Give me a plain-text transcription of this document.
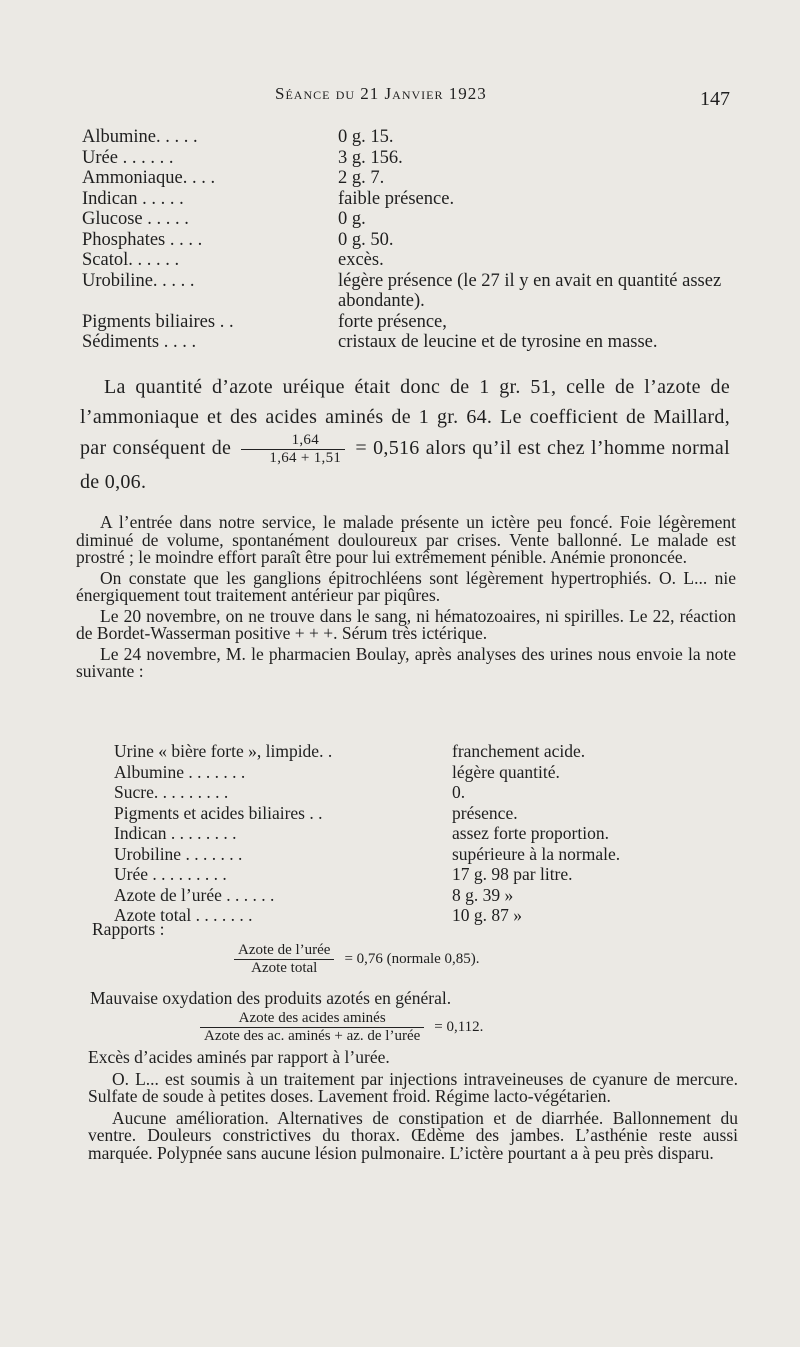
Séance du 21 Janvier 1923	147
Albumine. . . . .	0 g. 15.
Urée . . . . . .	3 g. 156.
Ammoniaque. . . .	2 g. 7.
Indican . . . . .	faible présence.
Glucose . . . . .	0 g.
Phosphates . . . .	0 g. 50.
Scatol. . . . . .	excès.
Urobiline. . . . .	légère présence (le 27 il y en avait en quantité assez abondante).
Pigments biliaires . .	forte présence,
Sédiments . . . .	cristaux de leucine et de tyrosine en masse.

La quantité d’azote uréique était donc de 1 gr. 51, celle de l’azote de l’ammoniaque et des acides aminés de 1 gr. 64. Le coefficient de Maillard, par conséquent de $\frac{1,64}{1,64 + 1,51} = 0,516$ alors qu’il est chez l’homme normal de 0,06.

A l’entrée dans notre service, le malade présente un ictère peu foncé. Foie légèrement diminué de volume, spontanément douloureux par crises. Vente ballonné. Le malade est prostré ; le moindre effort paraît être pour lui extrêmement pénible. Anémie prononcée.

On constate que les ganglions épitrochléens sont légèrement hypertrophiés. O. L... nie énergiquement tout traitement antérieur par piqûres.

Le 20 novembre, on ne trouve dans le sang, ni hématozoaires, ni spirilles. Le 22, réaction de Bordet-Wasserman positive + + +. Sérum très ictérique.

Le 24 novembre, M. le pharmacien Boulay, après analyses des urines nous envoie la note suivante :

Urine « bière forte », limpide. .	franchement acide.
Albumine . . . . . . .	légère quantité.
Sucre. . . . . . . . .	0.
Pigments et acides biliaires . .	présence.
Indican . . . . . . . .	assez forte proportion.
Urobiline . . . . . . .	supérieure à la normale.
Urée . . . . . . . . .	17 g. 98 par litre.
Azote de l’urée . . . . . .	8 g. 39 »
Azote total . . . . . . .	10 g. 87 »
Rapports :
$\frac{\text{Azote de l’urée}}{\text{Azote total}} = 0,76$ (normale 0,85).
Mauvaise oxydation des produits azotés en général.
$\frac{\text{Azote des acides aminés}}{\text{Azote des ac. aminés + az. de l’urée}} = 0,112$.

Excès d’acides aminés par rapport à l’urée.

O. L... est soumis à un traitement par injections intraveineuses de cyanure de mercure. Sulfate de soude à petites doses. Lavement froid. Régime lacto-végétarien.

Aucune amélioration. Alternatives de constipation et de diarrhée. Ballonnement du ventre. Douleurs constrictives du thorax. Œdème des jambes. L’asthénie reste aussi marquée. Polypnée sans aucune lésion pulmonaire. L’ictère pourtant a à peu près disparu.
